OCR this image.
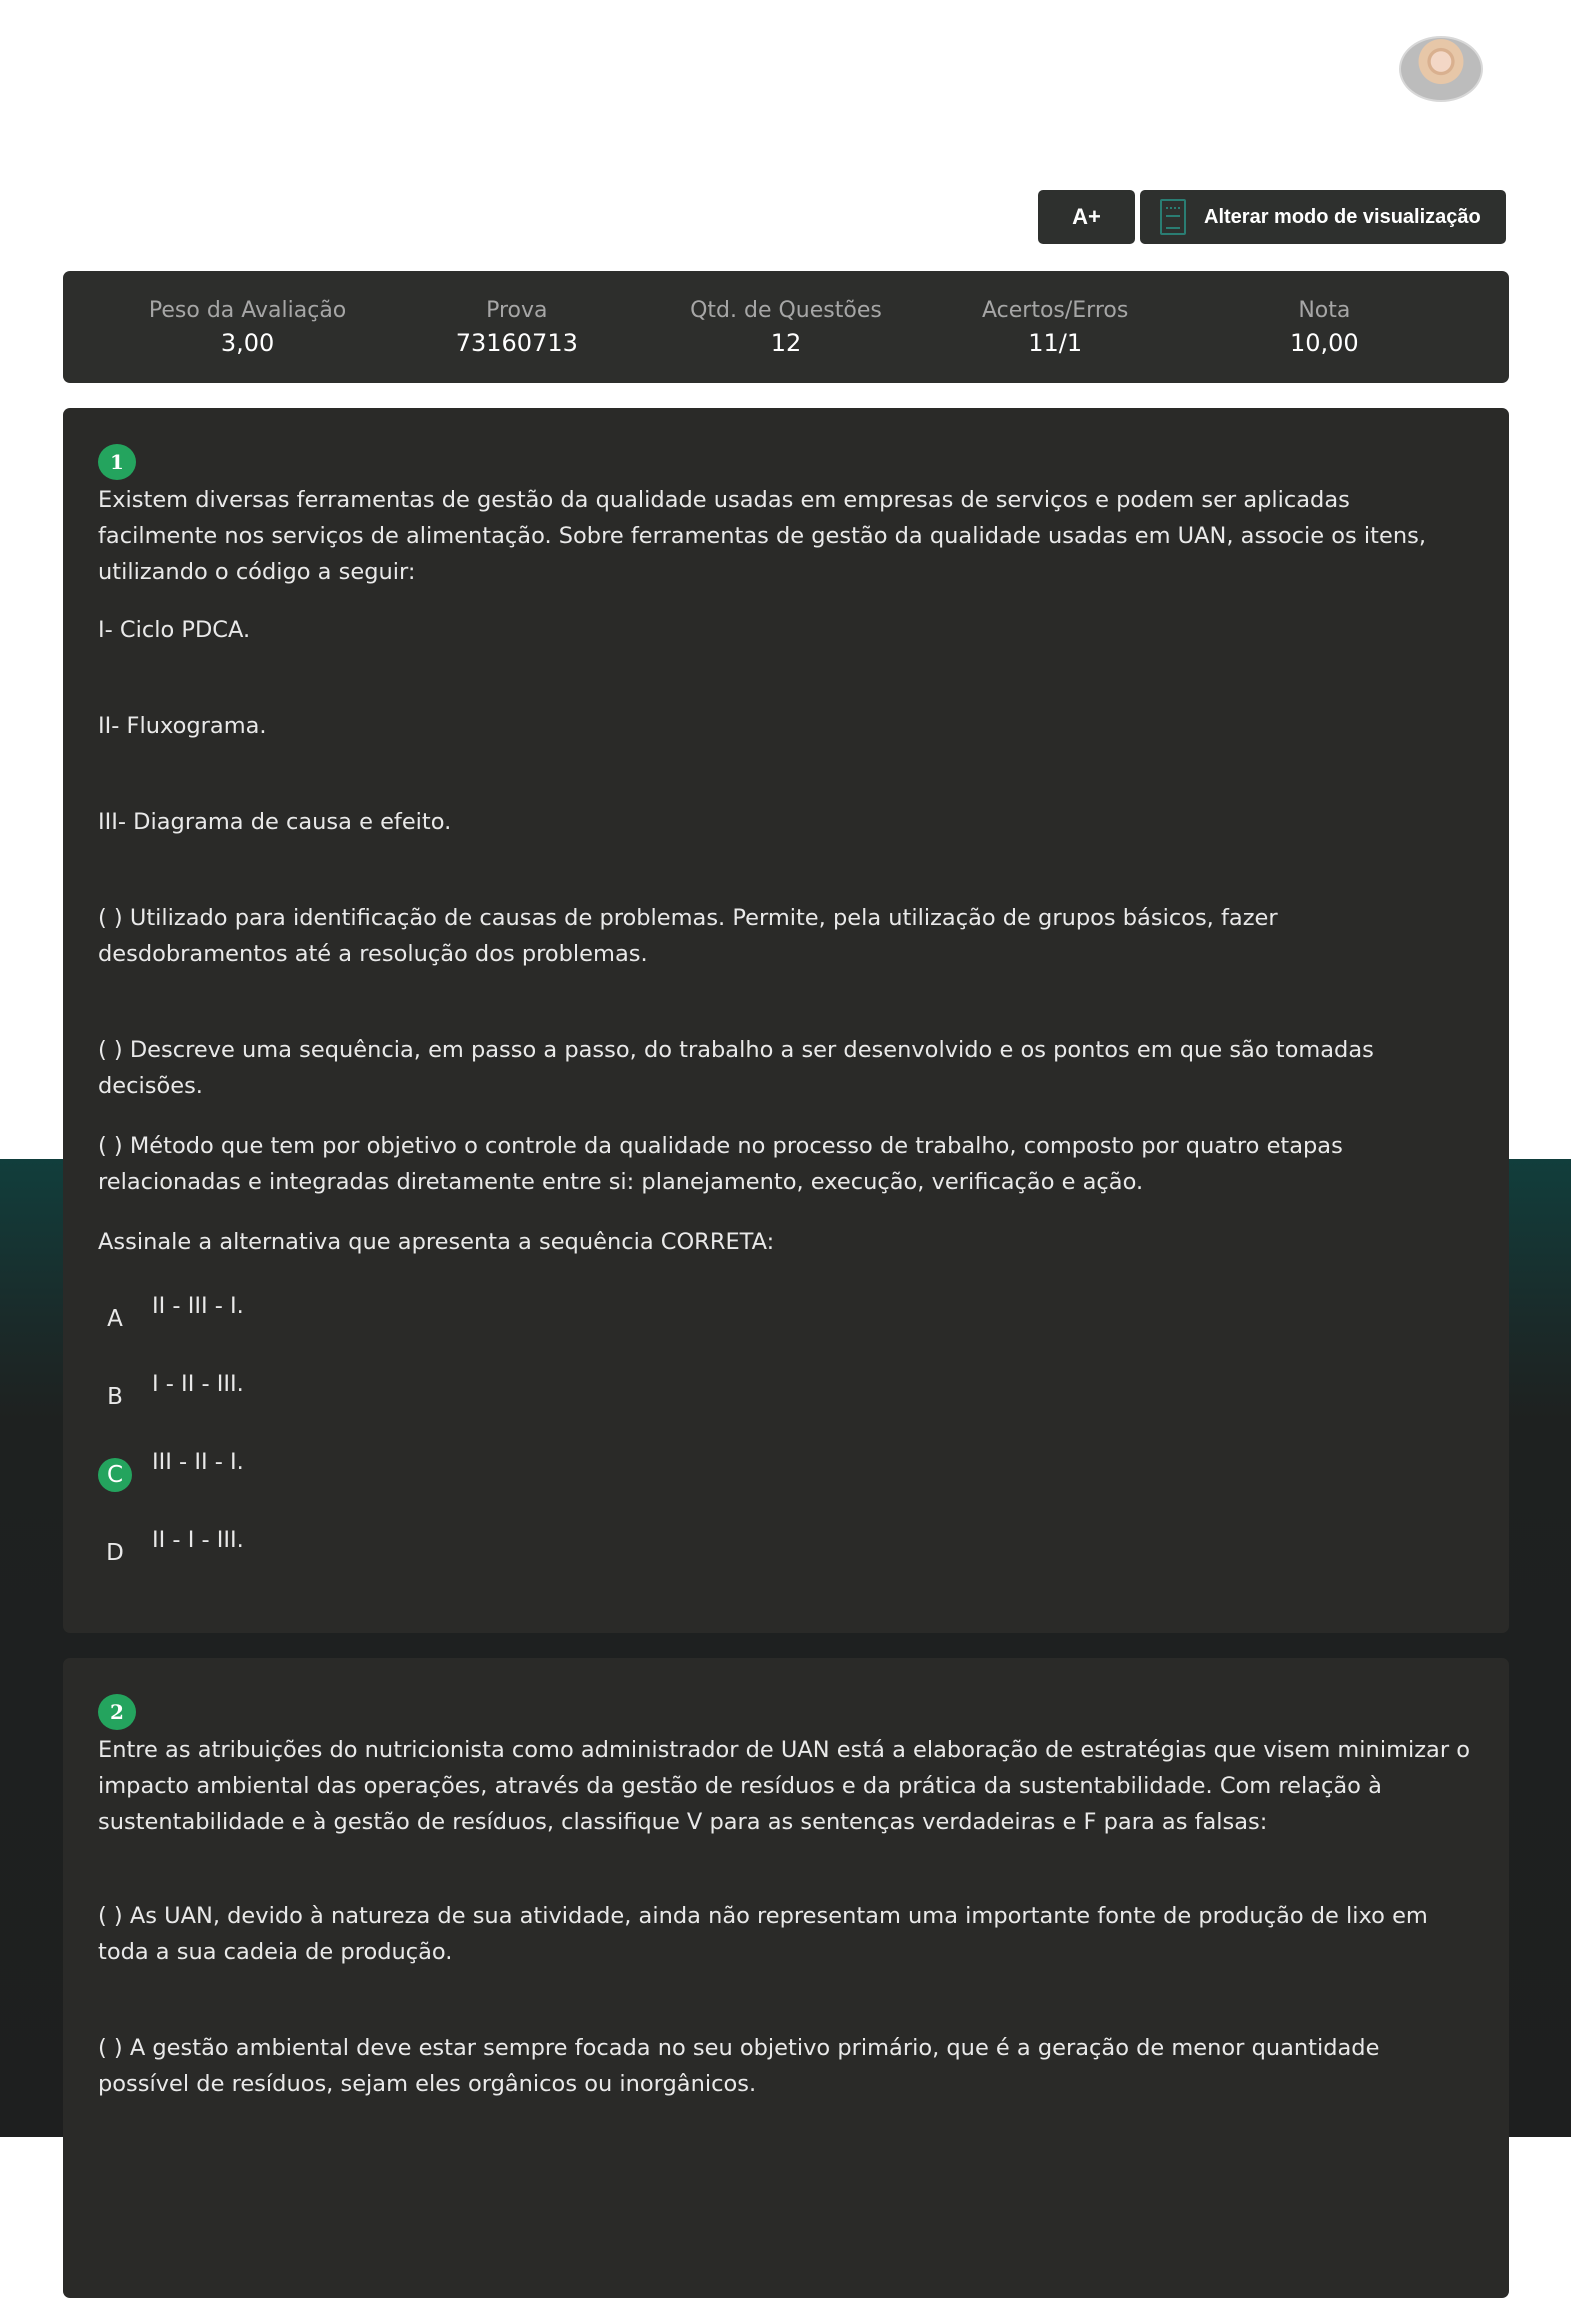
A+	Alterar modo de visualização
Peso da Avaliação
3,00
Prova
73160713
Qtd. de Questões
12
Acertos/Erros
11/1
Nota
10,00
1

Existem diversas ferramentas de gestão da qualidade usadas em empresas de serviços e podem ser aplicadas facilmente nos serviços de alimentação. Sobre ferramentas de gestão da qualidade usadas em UAN, associe os itens, utilizando o código a seguir:

I- Ciclo PDCA.

II- Fluxograma.

III- Diagrama de causa e efeito.

( ) Utilizado para identificação de causas de problemas. Permite, pela utilização de grupos básicos, fazer desdobramentos até a resolução dos problemas.

( ) Descreve uma sequência, em passo a passo, do trabalho a ser desenvolvido e os pontos em que são tomadas decisões.

( ) Método que tem por objetivo o controle da qualidade no processo de trabalho, composto por quatro etapas relacionadas e integradas diretamente entre si: planejamento, execução, verificação e ação.

Assinale a alternativa que apresenta a sequência CORRETA:

A	II - III - I.
B	I - II - III.
C	III - II - I.
D	II - I - III.
2

Entre as atribuições do nutricionista como administrador de UAN está a elaboração de estratégias que visem minimizar o impacto ambiental das operações, através da gestão de resíduos e da prática da sustentabilidade. Com relação à sustentabilidade e à gestão de resíduos, classifique V para as sentenças verdadeiras e F para as falsas:

( ) As UAN, devido à natureza de sua atividade, ainda não representam uma importante fonte de produção de lixo em toda a sua cadeia de produção.

( ) A gestão ambiental deve estar sempre focada no seu objetivo primário, que é a geração de menor quantidade possível de resíduos, sejam eles orgânicos ou inorgânicos.
